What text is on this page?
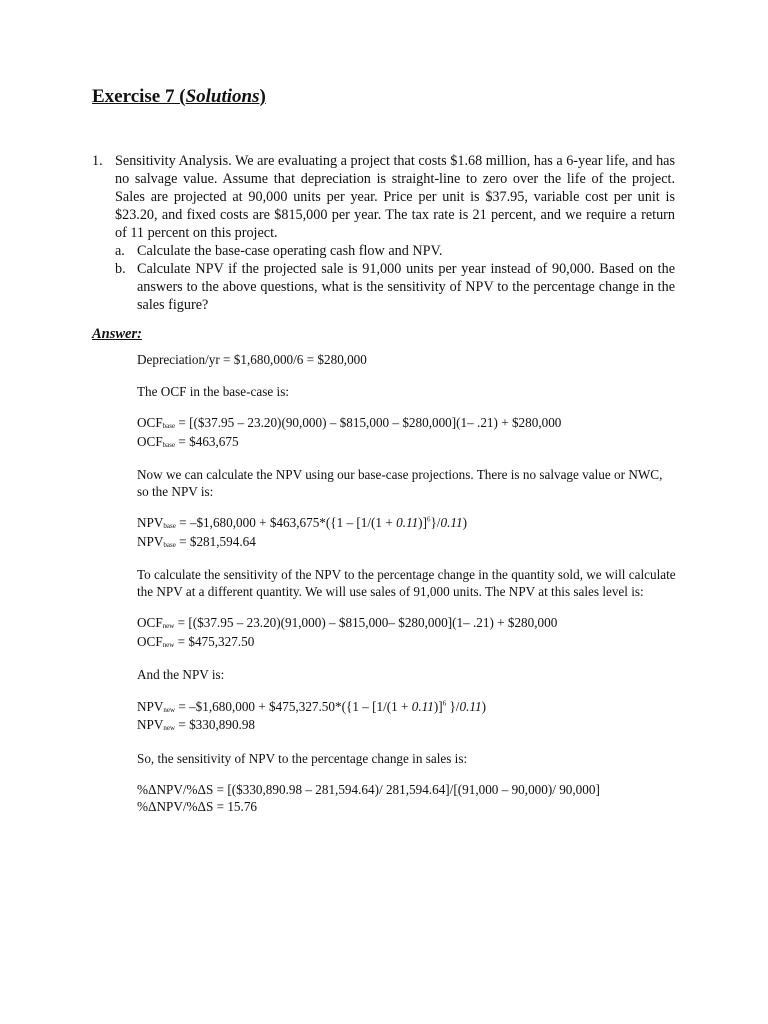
Exercise 7 (Solutions)
1. Sensitivity Analysis. We are evaluating a project that costs $1.68 million, has a 6-year life, and has no salvage value. Assume that depreciation is straight-line to zero over the life of the project. Sales are projected at 90,000 units per year. Price per unit is $37.95, variable cost per unit is $23.20, and fixed costs are $815,000 per year. The tax rate is 21 percent, and we require a return of 11 percent on this project.
a. Calculate the base-case operating cash flow and NPV.
b. Calculate NPV if the projected sale is 91,000 units per year instead of 90,000. Based on the answers to the above questions, what is the sensitivity of NPV to the percentage change in the sales figure?
Answer:

Depreciation/yr = $1,680,000/6 = $280,000

The OCF in the base-case is:

OCFbase = [($37.95 – 23.20)(90,000) – $815,000 – $280,000](1– .21) + $280,000
OCFbase = $463,675

Now we can calculate the NPV using our base-case projections. There is no salvage value or NWC, so the NPV is:

NPVbase = –$1,680,000 + $463,675*({1 – $[1/(1 + 0.11)]^6\}/0.11$)
NPVbase = $281,594.64

To calculate the sensitivity of the NPV to the percentage change in the quantity sold, we will calculate the NPV at a different quantity. We will use sales of 91,000 units. The NPV at this sales level is:

OCFnew = [($37.95 – 23.20)(91,000) – $815,000– $280,000](1– .21) + $280,000
OCFnew = $475,327.50

And the NPV is:

NPVnew = –$1,680,000 + $475,327.50*({1 – $[1/(1 + 0.11)]^6$ }/0.11)
NPVnew = $330,890.98

So, the sensitivity of NPV to the percentage change in sales is:

%ΔNPV/%ΔS = [($330,890.98 – 281,594.64)/ 281,594.64]/[(91,000 – 90,000)/ 90,000]
%ΔNPV/%ΔS = 15.76
